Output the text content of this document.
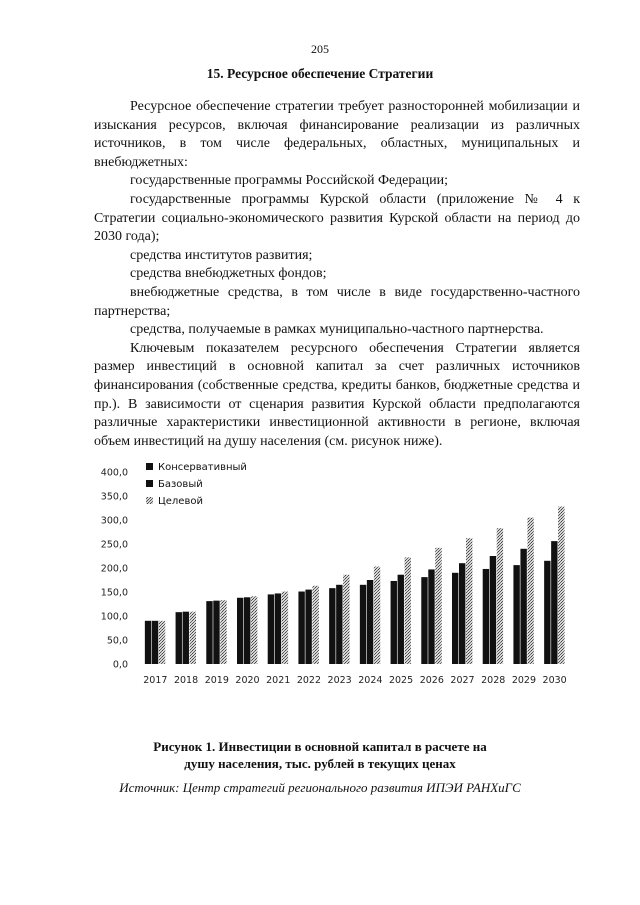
205
15. Ресурсное обеспечение Стратегии

Ресурсное обеспечение стратегии требует разносторонней мобилизации и изыскания ресурсов, включая финансирование реализации из различных источников, в том числе федеральных, областных, муниципальных и внебюджетных:

государственные программы Российской Федерации;

государственные программы Курской области (приложение № 4 к Стратегии социально-экономического развития Курской области на период до 2030 года);

средства институтов развития;

средства внебюджетных фондов;

внебюджетные средства, в том числе в виде государственно-частного партнерства;

средства, получаемые в рамках муниципально-частного партнерства.

Ключевым показателем ресурсного обеспечения Стратегии является размер инвестиций в основной капитал за счет различных источников финансирования (собственные средства, кредиты банков, бюджетные средства и пр.). В зависимости от сценария развития Курской области предполагаются различные характеристики инвестиционной активности в регионе, включая объем инвестиций на душу населения (см. рисунок ниже).

0,0
50,0
100,0
150,0
200,0
250,0
300,0
350,0
400,0
2017 2018 2019 2020 2021 2022 2023 2024 2025 2026 2027 2028 2029 2030
Консервативный
Базовый
Целевой
Рисунок 1. Инвестиции в основной капитал в расчете на
душу населения, тыс. рублей в текущих ценах
Источник: Центр стратегий регионального развития ИПЭИ РАНХиГС
